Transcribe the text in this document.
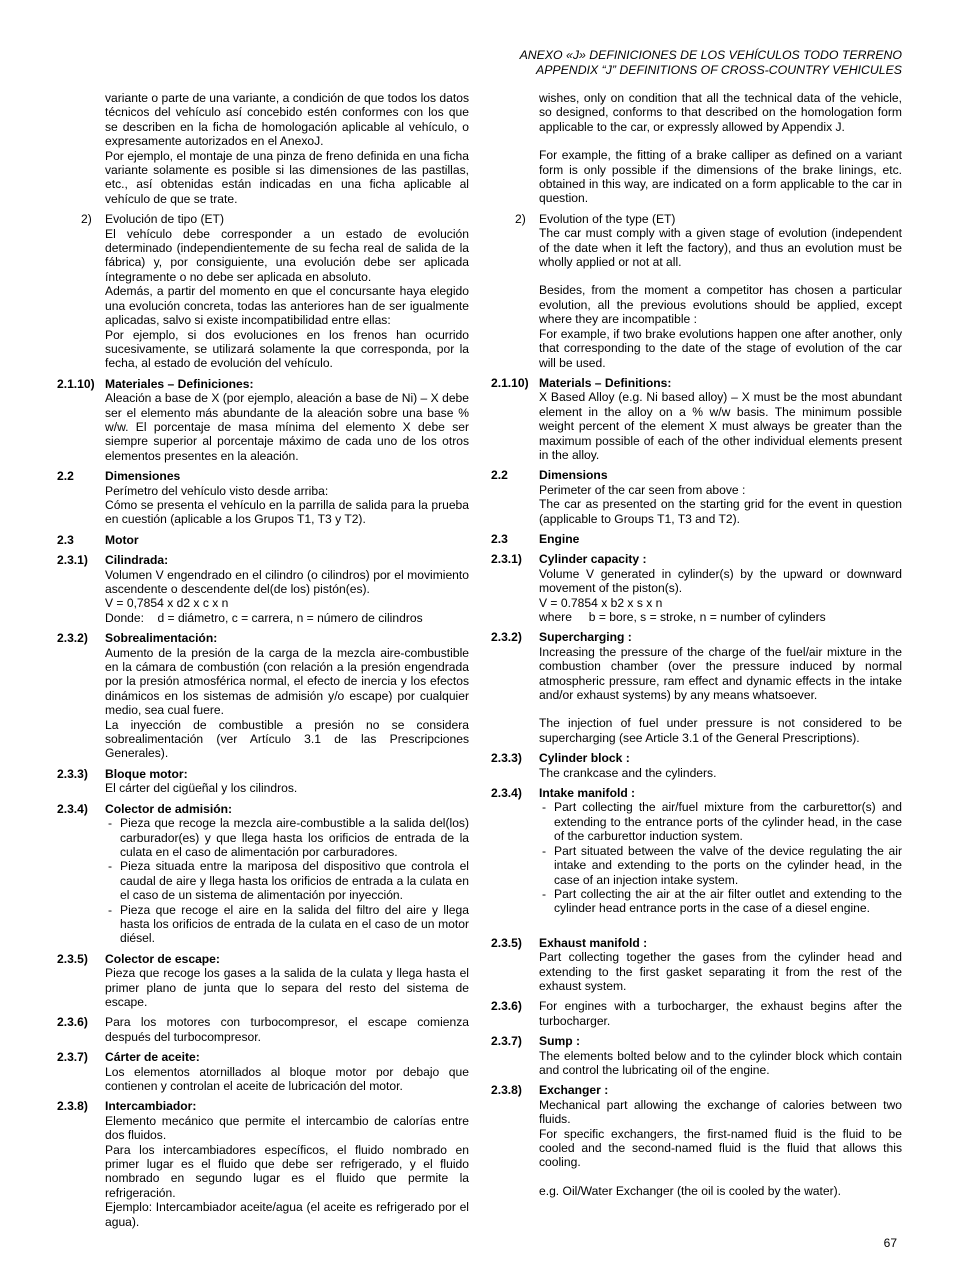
ANEXO «J» DEFINICIONES DE LOS VEHÍCULOS TODO TERRENO
APPENDIX “J” DEFINITIONS OF CROSS-COUNTRY VEHICULES

variante o parte de una variante, a condición de que todos los datos técnicos del vehículo así concebido estén conformes con los que se describen en la ficha de homologación aplicable al vehículo, o expresamente autorizados en el AnexoJ.

Por ejemplo, el montaje de una pinza de freno definida en una ficha variante solamente es posible si las dimensiones de las pastillas, etc., así obtenidas están indicadas en una ficha aplicable al vehículo de que se trate.

2) Evolución de tipo (ET)

El vehículo debe corresponder a un estado de evolución determinado (independientemente de su fecha real de salida de la fábrica) y, por consiguiente, una evolución debe ser aplicada íntegramente o no debe ser aplicada en absoluto.

Además, a partir del momento en que el concursante haya elegido una evolución concreta, todas las anteriores han de ser igualmente aplicadas, salvo si existe incompatibilidad entre ellas:

Por ejemplo, si dos evoluciones en los frenos han ocurrido sucesivamente, se utilizará solamente la que corresponda, por la fecha, al estado de evolución del vehículo.

2.1.10) Materiales – Definiciones:

Aleación a base de X (por ejemplo, aleación a base de Ni) – X debe ser el elemento más abundante de la aleación sobre una base % w/w. El porcentaje de masa mínima del elemento X debe ser siempre superior al porcentaje máximo de cada uno de los otros elementos presentes en la aleación.

2.2	Dimensiones

Perímetro del vehículo visto desde arriba:

Cómo se presenta el vehículo en la parrilla de salida para la prueba en cuestión (aplicable a los Grupos T1, T3 y T2).

2.3	Motor

2.3.1) Cilindrada:

Volumen V engendrado en el cilindro (o cilindros) por el movimiento ascendente o descendente del(de los) pistón(es).

V = 0,7854 x d2 x c x n

Donde:    d = diámetro, c = carrera, n = número de cilindros

2.3.2) Sobrealimentación:

Aumento de la presión de la carga de la mezcla aire-combustible en la cámara de combustión (con relación a la presión engendrada por la presión atmosférica normal, el efecto de inercia y los efectos dinámicos en los sistemas de admisión y/o escape) por cualquier medio, sea cual fuere.

La inyección de combustible a presión no se considera sobrealimentación (ver Artículo 3.1 de las Prescripciones Generales).

2.3.3) Bloque motor:

El cárter del cigüeñal y los cilindros.

2.3.4) Colector de admisión:

- Pieza que recoge la mezcla aire-combustible a la salida del(los) carburador(es) y que llega hasta los orificios de entrada de la culata en el caso de alimentación por carburadores.

- Pieza situada entre la mariposa del dispositivo que controla el caudal de aire y llega hasta los orificios de entrada a la culata en el caso de un sistema de alimentación por inyección.

- Pieza que recoge el aire en la salida del filtro del aire y llega hasta los orificios de entrada de la culata en el caso de un motor diésel.

2.3.5) Colector de escape:

Pieza que recoge los gases a la salida de la culata y llega hasta el primer plano de junta que lo separa del resto del sistema de escape.

2.3.6) Para los motores con turbocompresor, el escape comienza después del turbocompresor.

2.3.7) Cárter de aceite:

Los elementos atornillados al bloque motor por debajo que contienen y controlan el aceite de lubricación del motor.

2.3.8) Intercambiador:

Elemento mecánico que permite el intercambio de calorías entre dos fluidos.

Para los intercambiadores específicos, el fluido nombrado en primer lugar es el fluido que debe ser refrigerado, y el fluido nombrado en segundo lugar es el fluido que permite la refrigeración.

Ejemplo: Intercambiador aceite/agua (el aceite es refrigerado por el agua).

wishes, only on condition that all the technical data of the vehicle, so designed, conforms to that described on the homologation form applicable to the car, or expressly allowed by Appendix J.

For example, the fitting of a brake calliper as defined on a variant form is only possible if the dimensions of the brake linings, etc. obtained in this way, are indicated on a form applicable to the car in question.

2) Evolution of the type (ET)

The car must comply with a given stage of evolution (independent of the date when it left the factory), and thus an evolution must be wholly applied or not at all.

Besides, from the moment a competitor has chosen a particular evolution, all the previous evolutions should be applied, except where they are incompatible :

For example, if two brake evolutions happen one after another, only that corresponding to the date of the stage of evolution of the car will be used.

2.1.10) Materials – Definitions:

X Based Alloy (e.g. Ni based alloy) – X must be the most abundant element in the alloy on a % w/w basis. The minimum possible weight percent of the element X must always be greater than the maximum possible of each of the other individual elements present in the alloy.

2.2	Dimensions

Perimeter of the car seen from above :

The car as presented on the starting grid for the event in question (applicable to Groups T1, T3 and T2).

2.3	Engine

2.3.1) Cylinder capacity :

Volume V generated in cylinder(s) by the upward or downward movement of the piston(s).

V = 0.7854 x b2 x s x n

where     b = bore, s = stroke, n = number of cylinders

2.3.2) Supercharging :

Increasing the pressure of the charge of the fuel/air mixture in the combustion chamber (over the pressure induced by normal atmospheric pressure, ram effect and dynamic effects in the intake and/or exhaust systems) by any means whatsoever.

The injection of fuel under pressure is not considered to be supercharging (see Article 3.1 of the General Prescriptions).

2.3.3) Cylinder block :

The crankcase and the cylinders.

2.3.4) Intake manifold :

- Part collecting the air/fuel mixture from the carburettor(s) and extending to the entrance ports of the cylinder head, in the case of the carburettor induction system.

- Part situated between the valve of the device regulating the air intake and extending to the ports on the cylinder head, in the case of an injection intake system.

- Part collecting the air at the air filter outlet and extending to the cylinder head entrance ports in the case of a diesel engine.

2.3.5) Exhaust manifold :

Part collecting together the gases from the cylinder head and extending to the first gasket separating it from the rest of the exhaust system.

2.3.6) For engines with a turbocharger, the exhaust begins after the turbocharger.

2.3.7) Sump :

The elements bolted below and to the cylinder block which contain and control the lubricating oil of the engine.

2.3.8) Exchanger :

Mechanical part allowing the exchange of calories between two fluids.

For specific exchangers, the first-named fluid is the fluid to be cooled and the second-named fluid is the fluid that allows this cooling.

e.g. Oil/Water Exchanger (the oil is cooled by the water).

67
